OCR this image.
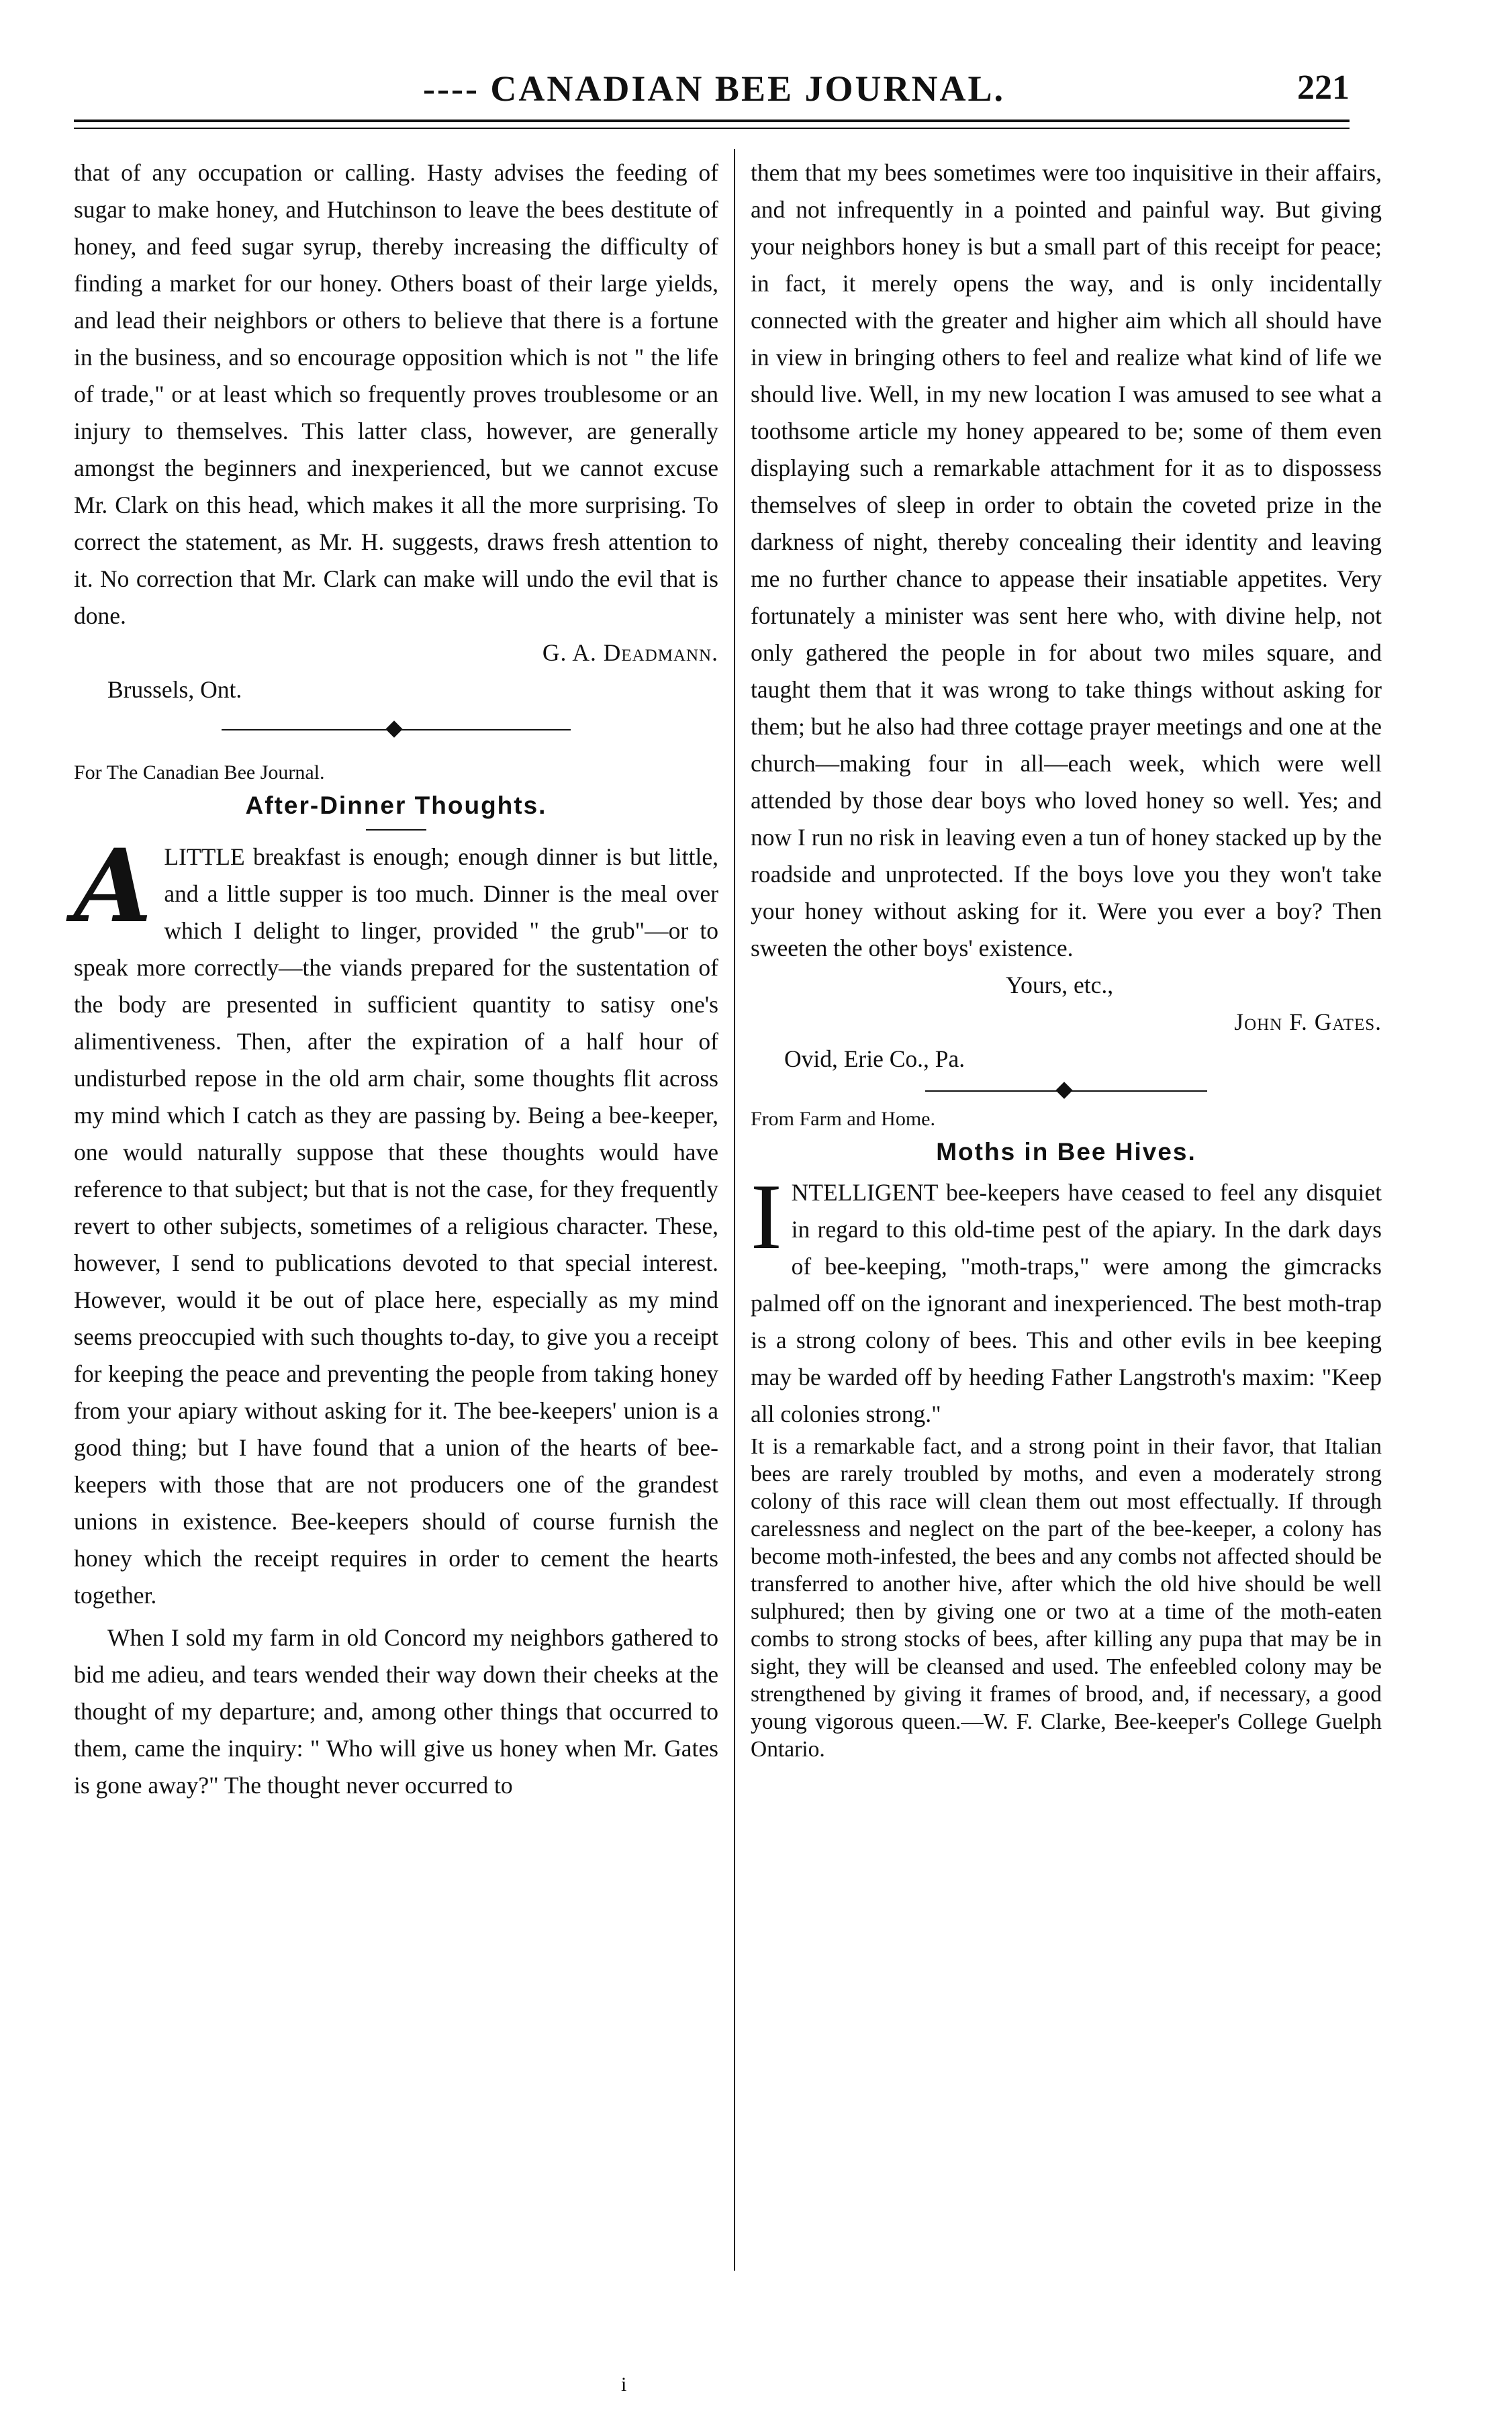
---- CANADIAN BEE JOURNAL.	221

that of any occupation or calling. Hasty advises the feeding of sugar to make honey, and Hutchinson to leave the bees destitute of honey, and feed sugar syrup, thereby increasing the difficulty of finding a market for our honey. Others boast of their large yields, and lead their neighbors or others to believe that there is a fortune in the business, and so encourage opposition which is not " the life of trade," or at least which so frequently proves troublesome or an injury to themselves. This latter class, however, are generally amongst the beginners and inexperienced, but we cannot excuse Mr. Clark on this head, which makes it all the more surprising. To correct the statement, as Mr. H. suggests, draws fresh attention to it. No correction that Mr. Clark can make will undo the evil that is done.

G. A. Deadmann.

Brussels, Ont.

For The Canadian Bee Journal.

After-Dinner Thoughts.

A LITTLE breakfast is enough; enough dinner is but little, and a little supper is too much. Dinner is the meal over which I delight to linger, provided " the grub"—or to speak more correctly—the viands prepared for the sustentation of the body are presented in sufficient quantity to satisy one's alimentiveness. Then, after the expiration of a half hour of undisturbed repose in the old arm chair, some thoughts flit across my mind which I catch as they are passing by. Being a bee-keeper, one would naturally suppose that these thoughts would have reference to that subject; but that is not the case, for they frequently revert to other subjects, sometimes of a religious character. These, however, I send to publications devoted to that special interest. However, would it be out of place here, especially as my mind seems preoccupied with such thoughts to-day, to give you a receipt for keeping the peace and preventing the people from taking honey from your apiary without asking for it. The bee-keepers' union is a good thing; but I have found that a union of the hearts of bee-keepers with those that are not producers one of the grandest unions in existence. Bee-keepers should of course furnish the honey which the receipt requires in order to cement the hearts together.

When I sold my farm in old Concord my neighbors gathered to bid me adieu, and tears wended their way down their cheeks at the thought of my departure; and, among other things that occurred to them, came the inquiry: " Who will give us honey when Mr. Gates is gone away?" The thought never occurred to

them that my bees sometimes were too inquisitive in their affairs, and not infrequently in a pointed and painful way. But giving your neighbors honey is but a small part of this receipt for peace; in fact, it merely opens the way, and is only incidentally connected with the greater and higher aim which all should have in view in bringing others to feel and realize what kind of life we should live. Well, in my new location I was amused to see what a toothsome article my honey appeared to be; some of them even displaying such a remarkable attachment for it as to dispossess themselves of sleep in order to obtain the coveted prize in the darkness of night, thereby concealing their identity and leaving me no further chance to appease their insatiable appetites. Very fortunately a minister was sent here who, with divine help, not only gathered the people in for about two miles square, and taught them that it was wrong to take things without asking for them; but he also had three cottage prayer meetings and one at the church—making four in all—each week, which were well attended by those dear boys who loved honey so well. Yes; and now I run no risk in leaving even a tun of honey stacked up by the roadside and unprotected. If the boys love you they won't take your honey without asking for it. Were you ever a boy? Then sweeten the other boys' existence.

Yours, etc.,

John F. Gates.

Ovid, Erie Co., Pa.

From Farm and Home.

Moths in Bee Hives.

I NTELLIGENT bee-keepers have ceased to feel any disquiet in regard to this old-time pest of the apiary. In the dark days of bee-keeping, "moth-traps," were among the gimcracks palmed off on the ignorant and inexperienced. The best moth-trap is a strong colony of bees. This and other evils in bee keeping may be warded off by heeding Father Langstroth's maxim: "Keep all colonies strong."

It is a remarkable fact, and a strong point in their favor, that Italian bees are rarely troubled by moths, and even a moderately strong colony of this race will clean them out most effectually. If through carelessness and neglect on the part of the bee-keeper, a colony has become moth-infested, the bees and any combs not affected should be transferred to another hive, after which the old hive should be well sulphured; then by giving one or two at a time of the moth-eaten combs to strong stocks of bees, after killing any pupa that may be in sight, they will be cleansed and used. The enfeebled colony may be strengthened by giving it frames of brood, and, if necessary, a good young vigorous queen.—W. F. Clarke, Bee-keeper's College Guelph Ontario.

i
